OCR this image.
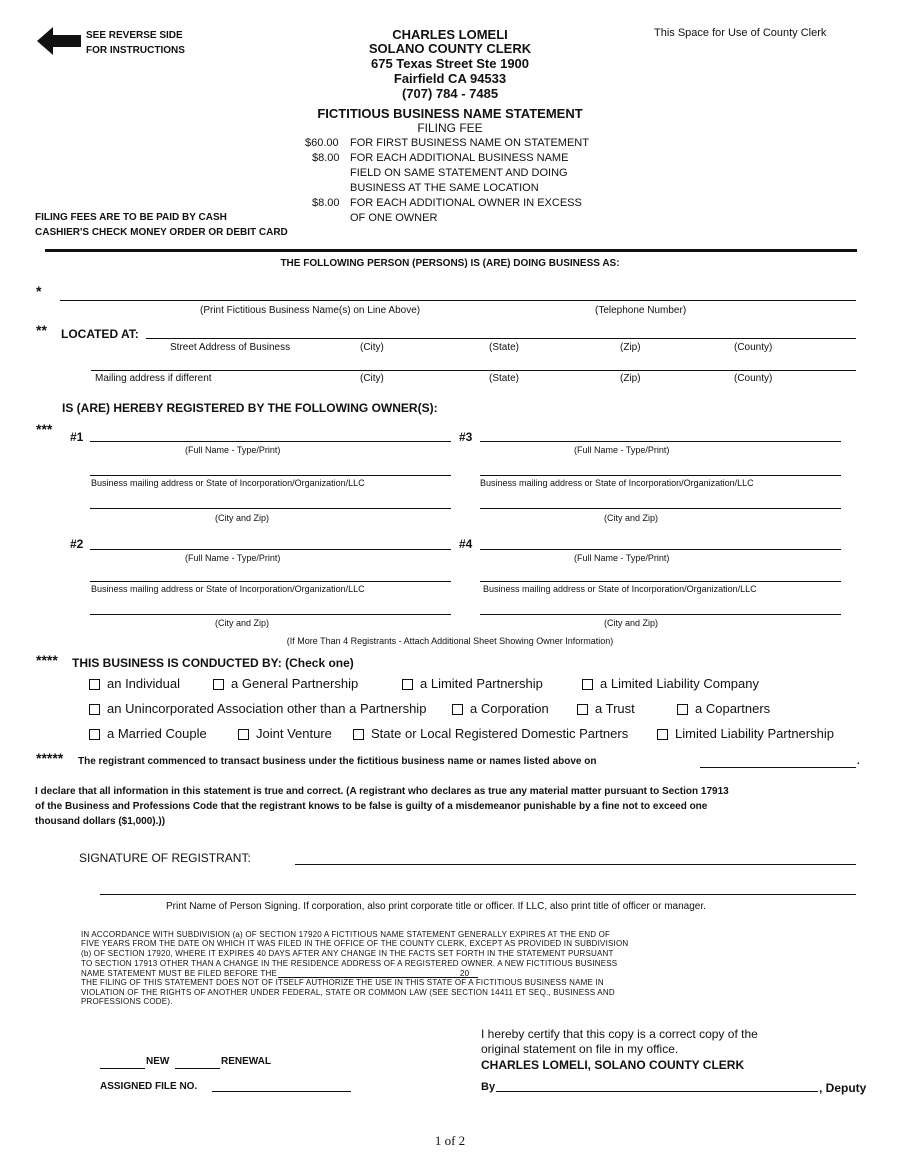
SEE REVERSE SIDE
FOR INSTRUCTIONS
CHARLES LOMELI
SOLANO COUNTY CLERK
675 Texas Street Ste 1900
Fairfield CA 94533
(707) 784 - 7485
This Space for Use of County Clerk
FICTITIOUS BUSINESS NAME STATEMENT
FILING FEE
$60.00 FOR FIRST BUSINESS NAME ON STATEMENT
$8.00 FOR EACH ADDITIONAL BUSINESS NAME
FIELD ON SAME STATEMENT AND DOING
BUSINESS AT THE SAME LOCATION
$8.00 FOR EACH ADDITIONAL OWNER IN EXCESS
OF ONE OWNER
FILING FEES ARE TO BE PAID BY CASH
CASHIER'S CHECK MONEY ORDER OR DEBIT CARD
THE FOLLOWING PERSON (PERSONS) IS (ARE) DOING BUSINESS AS:
*
(Print Fictitious Business Name(s) on Line Above)	(Telephone Number)
** LOCATED AT:
Street Address of Business	(City)	(State)	(Zip)	(County)
Mailing address if different	(City)	(State)	(Zip)	(County)
IS (ARE) HEREBY REGISTERED BY THE FOLLOWING OWNER(S):
*** #1
(Full Name - Type/Print)
Business mailing address or State of Incorporation/Organization/LLC
(City and Zip)
#3
(Full Name - Type/Print)
Business mailing address or State of Incorporation/Organization/LLC
(City and Zip)
#2
(Full Name - Type/Print)
Business mailing address or State of Incorporation/Organization/LLC
(City and Zip)
#4
(Full Name - Type/Print)
Business mailing address or State of Incorporation/Organization/LLC
(City and Zip)
(If More Than 4 Registrants - Attach Additional Sheet Showing Owner Information)
**** THIS BUSINESS IS CONDUCTED BY: (Check one)
an Individual	a General Partnership	a Limited Partnership	a Limited Liability Company
an Unincorporated Association other than a Partnership	a Corporation	a Trust	a Copartners
a Married Couple	Joint Venture	State or Local Registered Domestic Partners	Limited Liability Partnership
***** The registrant commenced to transact business under the fictitious business name or names listed above on	.
I declare that all information in this statement is true and correct. (A registrant who declares as true any material matter pursuant to Section 17913
of the Business and Professions Code that the registrant knows to be false is guilty of a misdemeanor punishable by a fine not to exceed one
thousand dollars ($1,000).))
SIGNATURE OF REGISTRANT:
Print Name of Person Signing. If corporation, also print corporate title or officer. If LLC, also print title of officer or manager.
IN ACCORDANCE WITH SUBDIVISION (a) OF SECTION 17920 A FICTITIOUS NAME STATEMENT GENERALLY EXPIRES AT THE END OF
FIVE YEARS FROM THE DATE ON WHICH IT WAS FILED IN THE OFFICE OF THE COUNTY CLERK, EXCEPT AS PROVIDED IN SUBDIVISION
(b) OF SECTION 17920, WHERE IT EXPIRES 40 DAYS AFTER ANY CHANGE IN THE FACTS SET FORTH IN THE STATEMENT PURSUANT
TO SECTION 17913 OTHER THAN A CHANGE IN THE RESIDENCE ADDRESS OF A REGISTERED OWNER. A NEW FICTITIOUS BUSINESS
NAME STATEMENT MUST BE FILED BEFORE THE	20
THE FILING OF THIS STATEMENT DOES NOT OF ITSELF AUTHORIZE THE USE IN THIS STATE OF A FICTITIOUS BUSINESS NAME IN
VIOLATION OF THE RIGHTS OF ANOTHER UNDER FEDERAL, STATE OR COMMON LAW (SEE SECTION 14411 ET SEQ., BUSINESS AND
PROFESSIONS CODE).
I hereby certify that this copy is a correct copy of the
original statement on file in my office.
CHARLES LOMELI, SOLANO COUNTY CLERK
By	, Deputy
NEW	RENEWAL
ASSIGNED FILE NO.
1 of 2
